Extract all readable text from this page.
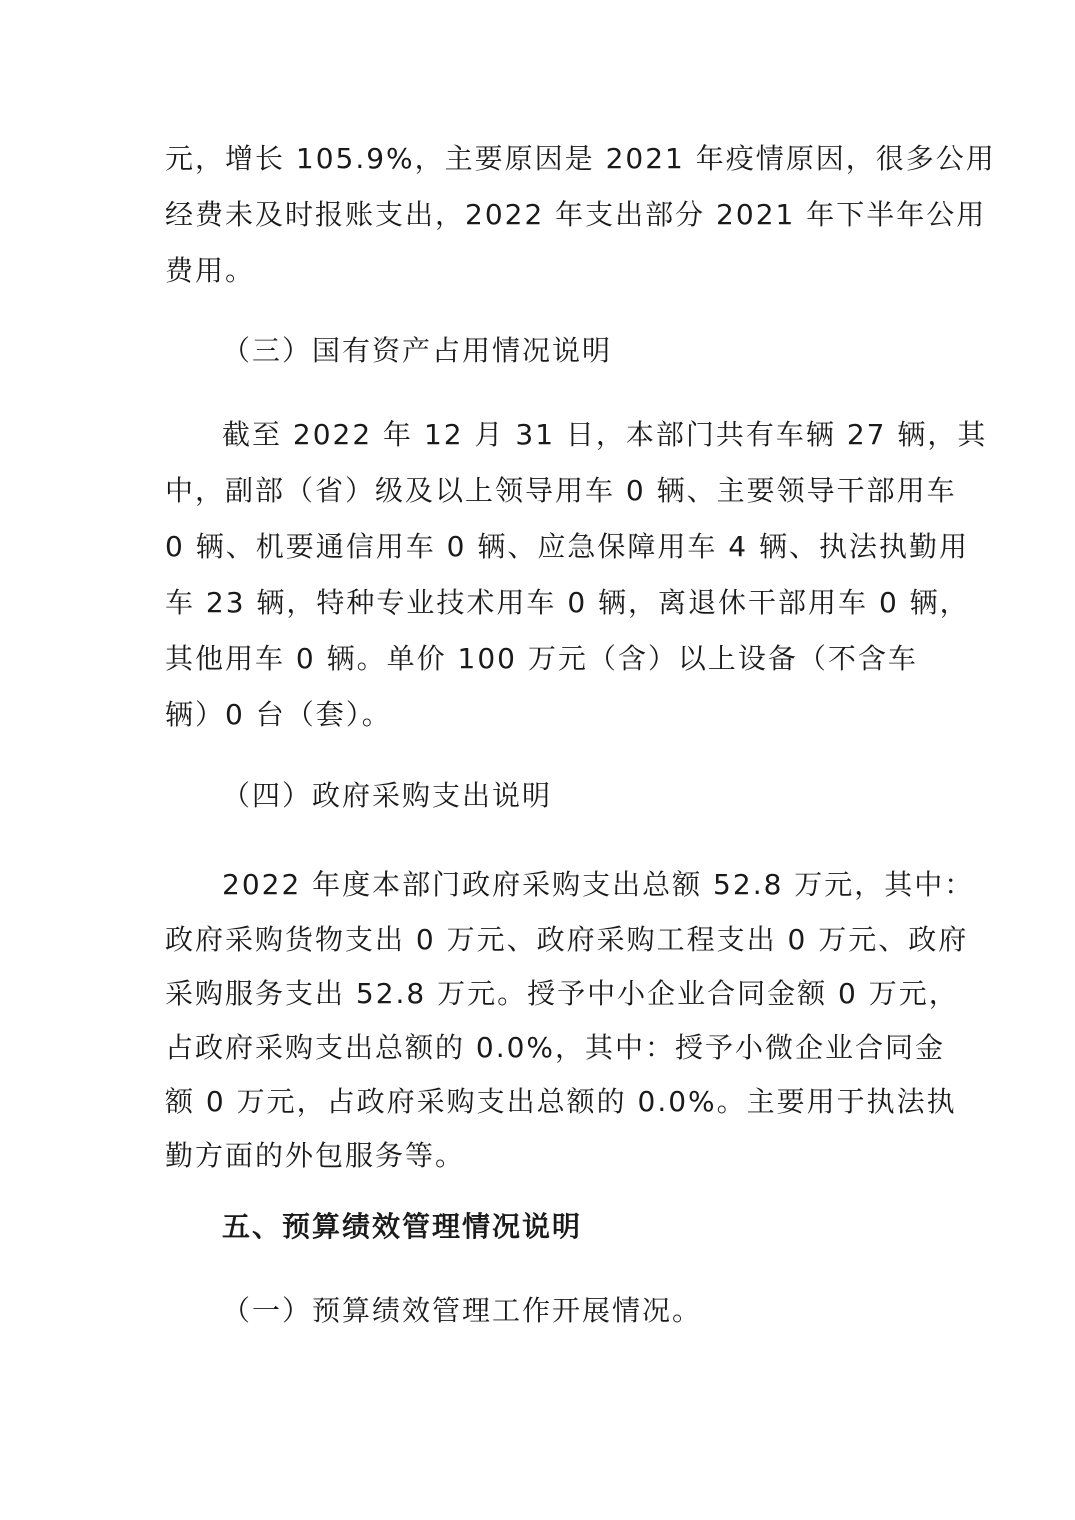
元，增长 105.9%，主要原因是 2021 年疫情原因，很多公用
经费未及时报账支出，2022 年支出部分 2021 年下半年公用
费用。
（三）国有资产占用情况说明
截至 2022 年 12 月 31 日，本部门共有车辆 27 辆，其
中，副部（省）级及以上领导用车 0 辆、主要领导干部用车
0 辆、机要通信用车 0 辆、应急保障用车 4 辆、执法执勤用
车 23 辆，特种专业技术用车 0 辆，离退休干部用车 0 辆，
其他用车 0 辆。单价 100 万元（含）以上设备（不含车
辆）0 台（套）。
（四）政府采购支出说明
2022 年度本部门政府采购支出总额 52.8 万元，其中：
政府采购货物支出 0 万元、政府采购工程支出 0 万元、政府
采购服务支出 52.8 万元。授予中小企业合同金额 0 万元，
占政府采购支出总额的 0.0%，其中：授予小微企业合同金
额 0 万元，占政府采购支出总额的 0.0%。主要用于执法执
勤方面的外包服务等。
五、预算绩效管理情况说明
（一）预算绩效管理工作开展情况。
